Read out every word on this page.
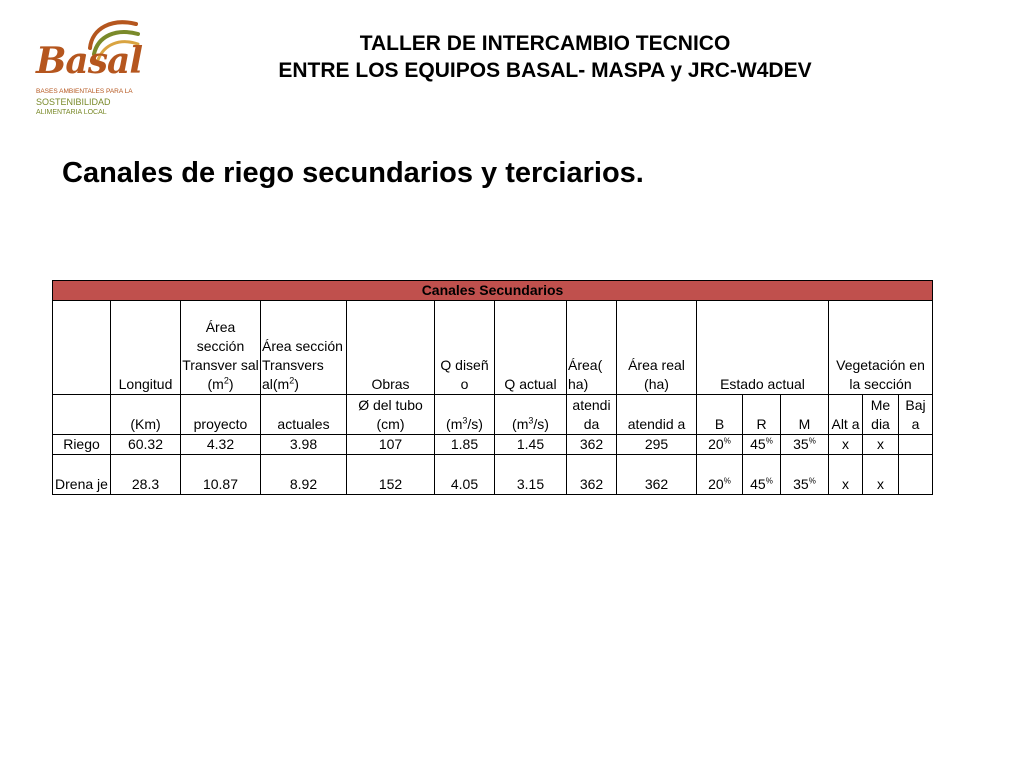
Basal
BASES AMBIENTALES PARA LA
SOSTENIBILIDAD
ALIMENTARIA LOCAL
TALLER DE INTERCAMBIO TECNICO
ENTRE LOS EQUIPOS BASAL- MASPA y JRC-W4DEV
Canales de riego secundarios y terciarios.
Canales Secundarios														
	Longitud	Área sección Transver sal $(m^2)$	Área sección Transvers $al(m^2)$	Obras	Q diseñ o	Q actual	Área( ha)	Área real (ha)	Estado actual			Vegetación en la sección		
	(Km)	proyecto	actuales	Ø del tubo (cm)	$(m^3/s)$	$(m^3/s)$	atendi da	atendid a	B	R	M	Alt a	Me dia	Baj a
Riego	60.32	4.32	3.98	107	1.85	1.45	362	295	20%	45%	35%	x	x	
Drena je	28.3	10.87	8.92	152	4.05	3.15	362	362	20%	45%	35%	x	x	
